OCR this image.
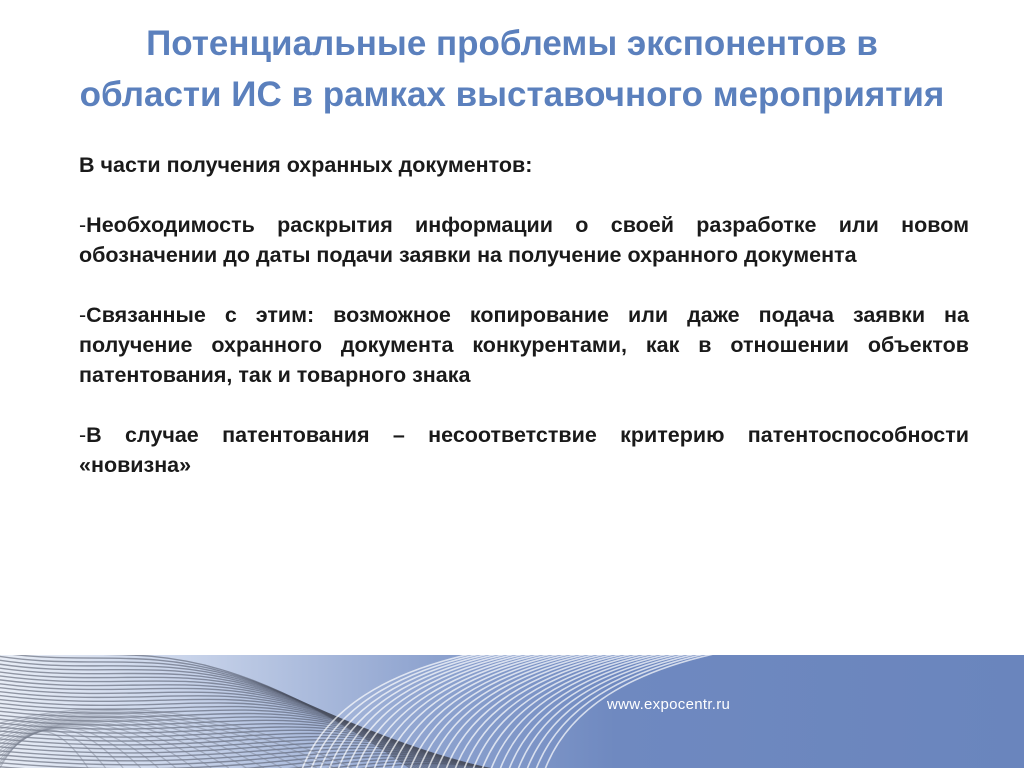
Потенциальные проблемы экспонентов в
области ИС в рамках выставочного мероприятия

В части получения охранных документов:

-Необходимость раскрытия информации о своей разработке или новом обозначении до даты подачи заявки на получение охранного документа

-Связанные с этим: возможное копирование или даже подача заявки на получение охранного документа конкурентами, как в отношении объектов патентования, так и товарного знака

-В случае патентования – несоответствие критерию патентоспособности «новизна»

www.expocentr.ru
